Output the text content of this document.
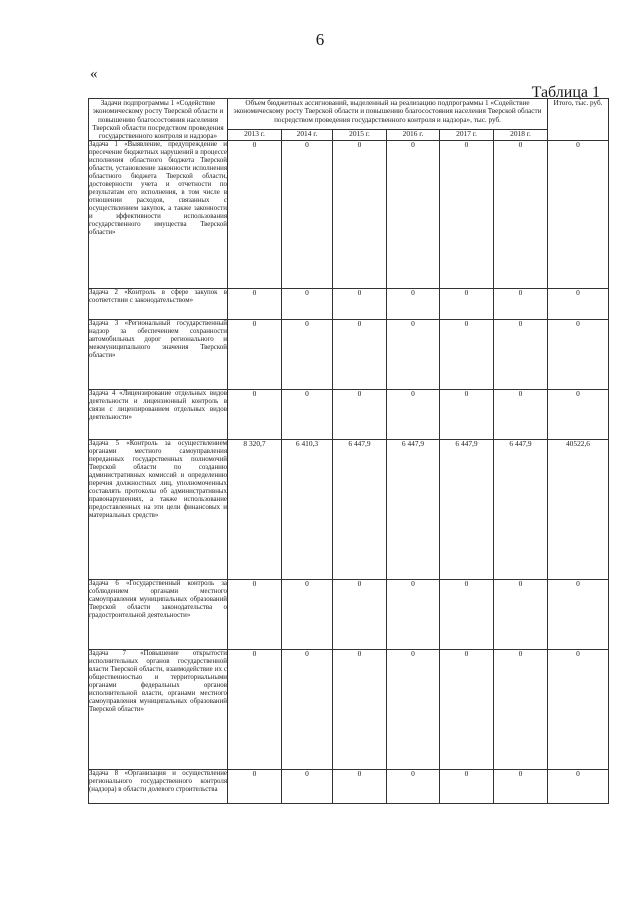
6
«
Таблица 1
Задачи подпрограммы 1 «Содействие экономическому росту Тверской области и повышению благосостояния населения Тверской области посредством проведения государственного контроля и надзора»	Объем бюджетных ассигнований, выделенный на реализацию подпрограммы 1 «Содействие экономическому росту Тверской области и повышению благосостояния населения Тверской области посредством проведения государственного контроля и надзора», тыс. руб.						Итого, тыс. руб.
	2013 г.	2014 г.	2015 г.	2016 г.	2017 г.	2018 г.	
Задача 1 «Выявление, предупреждение и пресечение бюджетных нарушений в процессе исполнения областного бюджета Тверской области, установление законности исполнения областного бюджета Тверской области, достоверности учета и отчетности по результатам его исполнения, в том числе в отношении расходов, связанных с осуществлением закупок, а также законности и эффективности использования государственного имущества Тверской области»	0	0	0	0	0	0	0
Задача 2 «Контроль в сфере закупок в соответствии с законодательством»	0	0	0	0	0	0	0
Задача 3 «Региональный государственный надзор за обеспечением сохранности автомобильных дорог регионального и межмуниципального значения Тверской области»	0	0	0	0	0	0	0
Задача 4 «Лицензирование отдельных видов деятельности и лицензионный контроль в связи с лицензированием отдельных видов деятельности»	0	0	0	0	0	0	0
Задача 5 «Контроль за осуществлением органами местного самоуправления переданных государственных полномочий Тверской области по созданию административных комиссий и определению перечня должностных лиц, уполномоченных составлять протоколы об административных правонарушениях, а также использование предоставленных на эти цели финансовых и материальных средств»	8 320,7	6 410,3	6 447,9	6 447,9	6 447,9	6 447,9	40522,6
Задача 6 «Государственный контроль за соблюдением органами местного самоуправления муниципальных образований Тверской области законодательства о градостроительной деятельности»	0	0	0	0	0	0	0
Задача 7 «Повышение открытости исполнительных органов государственной власти Тверской области, взаимодействие их с общественностью и территориальными органами федеральных органов исполнительной власти, органами местного самоуправления муниципальных образований Тверской области»	0	0	0	0	0	0	0
Задача 8 «Организация и осуществление регионального государственного контроля (надзора) в области долевого строительства	0	0	0	0	0	0	0
